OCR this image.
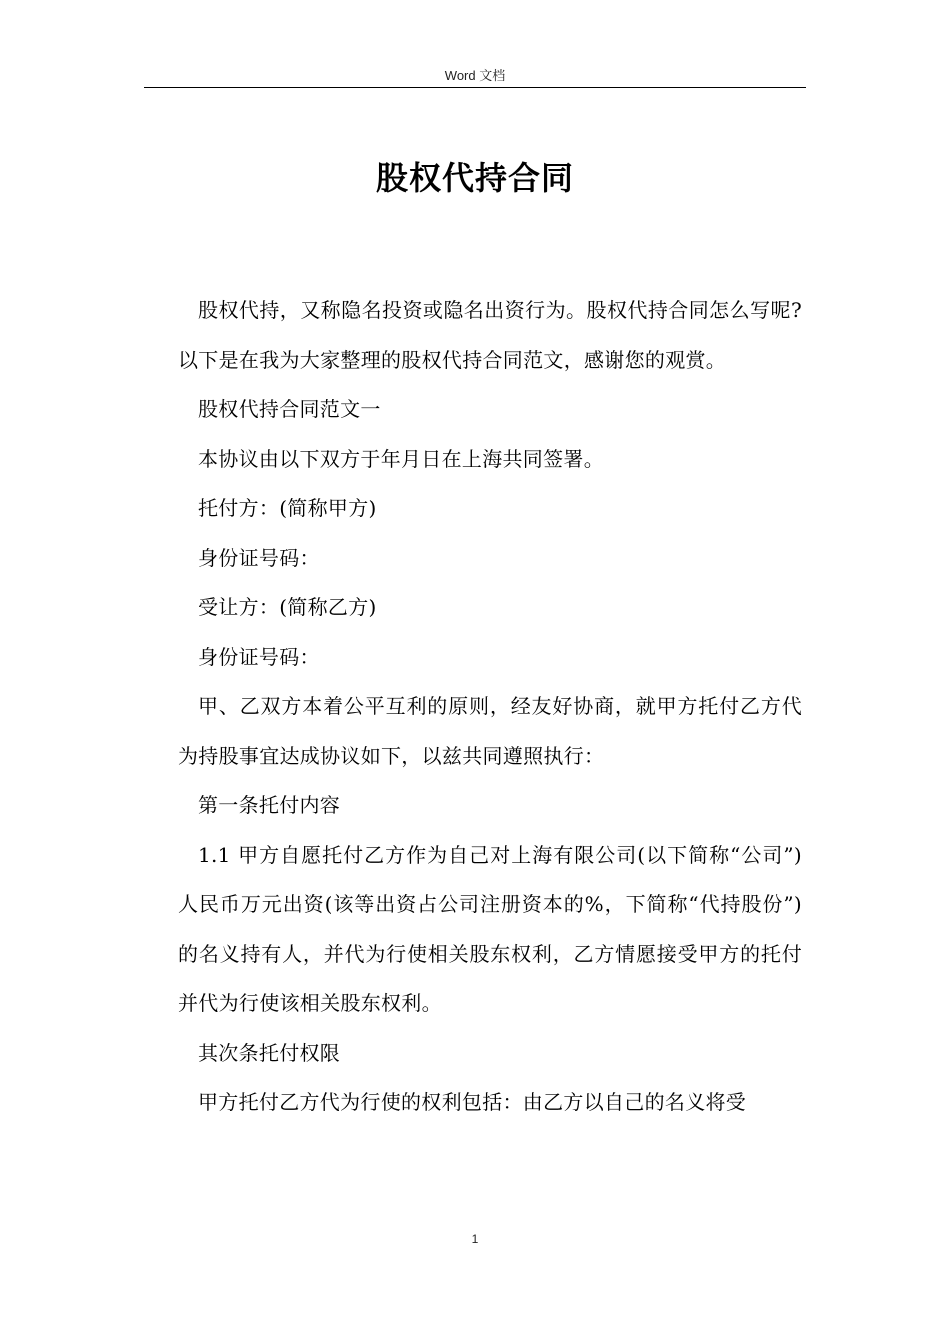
Word 文档
股权代持合同

股权代持，又称隐名投资或隐名出资行为。股权代持合同怎么写呢?以下是在我为大家整理的股权代持合同范文，感谢您的观赏。

股权代持合同范文一

本协议由以下双方于年月日在上海共同签署。

托付方：(简称甲方)

身份证号码：

受让方：(简称乙方)

身份证号码：

甲、乙双方本着公平互利的原则，经友好协商，就甲方托付乙方代为持股事宜达成协议如下，以兹共同遵照执行：

第一条托付内容

1.1 甲方自愿托付乙方作为自己对上海有限公司(以下简称“公司”)人民币万元出资(该等出资占公司注册资本的%，下简称“代持股份”)的名义持有人，并代为行使相关股东权利，乙方情愿接受甲方的托付并代为行使该相关股东权利。

其次条托付权限

甲方托付乙方代为行使的权利包括：由乙方以自己的名义将受

1
